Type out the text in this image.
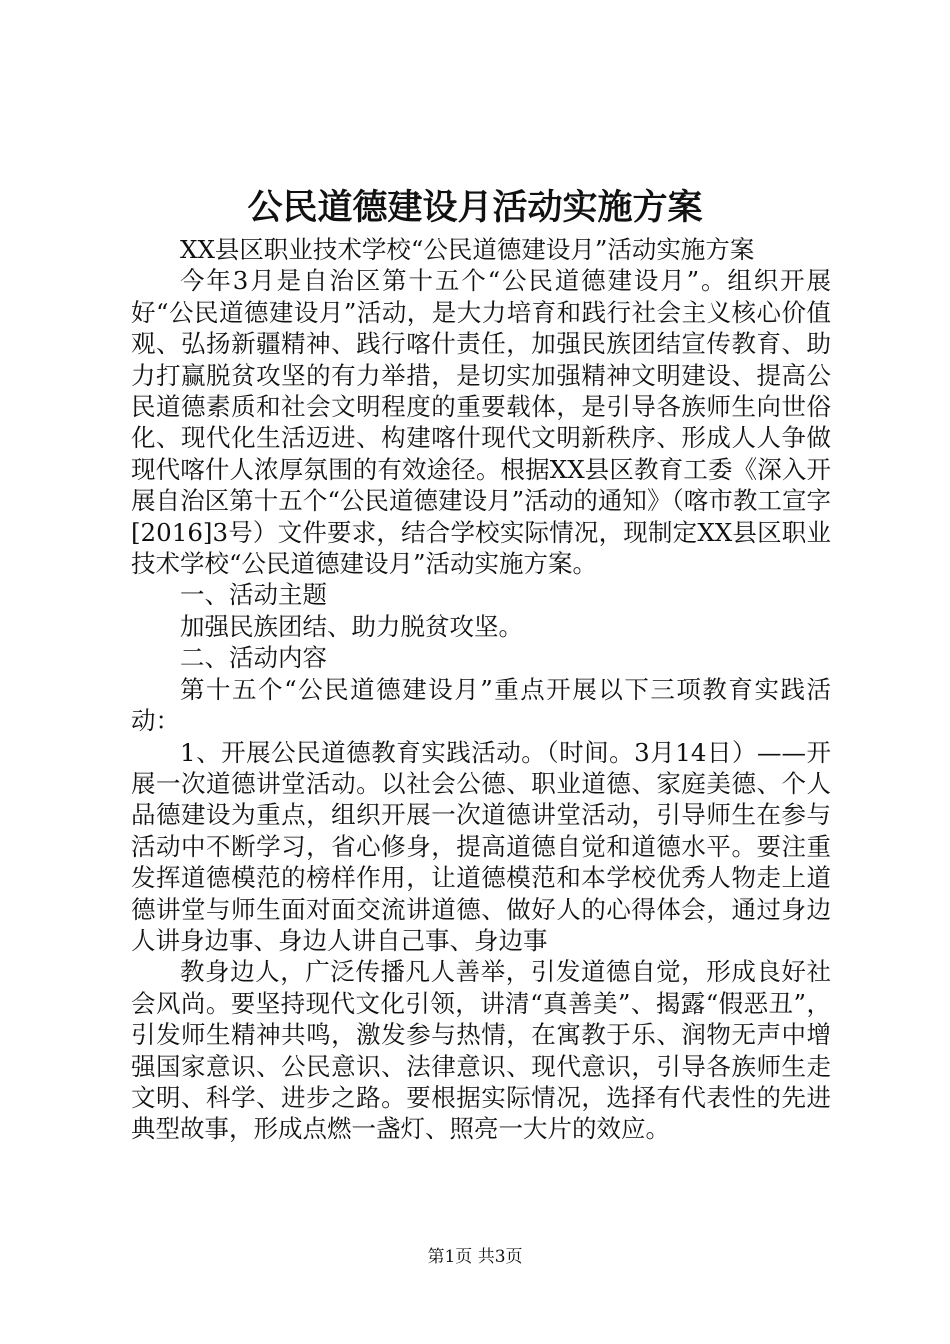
公民道德建设月活动实施方案

XX县区职业技术学校“公民道德建设月”活动实施方案

今年3月是自治区第十五个“公民道德建设月”。组织开展好“公民道德建设月”活动，是大力培育和践行社会主义核心价值观、弘扬新疆精神、践行喀什责任，加强民族团结宣传教育、助力打赢脱贫攻坚的有力举措，是切实加强精神文明建设、提高公民道德素质和社会文明程度的重要载体，是引导各族师生向世俗化、现代化生活迈进、构建喀什现代文明新秩序、形成人人争做现代喀什人浓厚氛围的有效途径。根据XX县区教育工委《深入开展自治区第十五个“公民道德建设月”活动的通知》（喀市教工宣字[2016]3号）文件要求，结合学校实际情况，现制定XX县区职业技术学校“公民道德建设月”活动实施方案。

一、活动主题

加强民族团结、助力脱贫攻坚。

二、活动内容

第十五个“公民道德建设月”重点开展以下三项教育实践活动：

1、开展公民道德教育实践活动。（时间。3月14日）——开展一次道德讲堂活动。以社会公德、职业道德、家庭美德、个人品德建设为重点，组织开展一次道德讲堂活动，引导师生在参与活动中不断学习，省心修身，提高道德自觉和道德水平。要注重发挥道德模范的榜样作用，让道德模范和本学校优秀人物走上道德讲堂与师生面对面交流讲道德、做好人的心得体会，通过身边人讲身边事、身边人讲自己事、身边事

教身边人，广泛传播凡人善举，引发道德自觉，形成良好社会风尚。要坚持现代文化引领，讲清“真善美”、揭露“假恶丑”，引发师生精神共鸣，激发参与热情，在寓教于乐、润物无声中增强国家意识、公民意识、法律意识、现代意识，引导各族师生走文明、科学、进步之路。要根据实际情况，选择有代表性的先进典型故事，形成点燃一盏灯、照亮一大片的效应。

第1页 共3页
